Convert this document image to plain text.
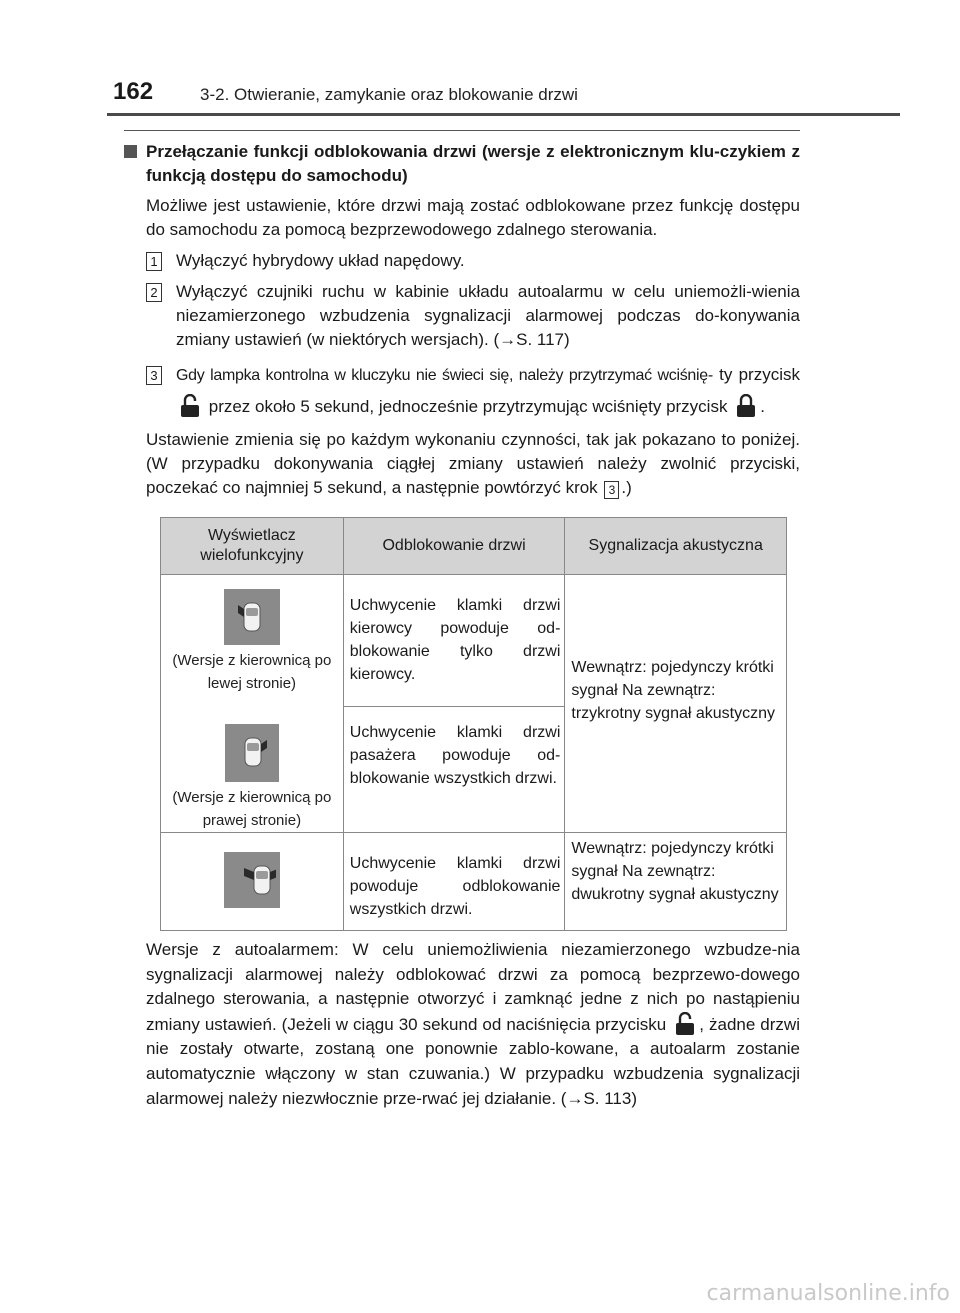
162	3-2. Otwieranie, zamykanie oraz blokowanie drzwi
Przełączanie funkcji odblokowania drzwi (wersje z elektronicznym klu-czykiem z funkcją dostępu do samochodu)

Możliwe jest ustawienie, które drzwi mają zostać odblokowane przez funkcję dostępu do samochodu za pomocą bezprzewodowego zdalnego sterowania.

1 Wyłączyć hybrydowy układ napędowy.
2 Wyłączyć czujniki ruchu w kabinie układu autoalarmu w celu uniemożli-wienia niezamierzonego wzbudzenia sygnalizacji alarmowej podczas do-konywania zmiany ustawień (w niektórych wersjach). (→S. 117)
3 Gdy lampka kontrolna w kluczyku nie świeci się, należy przytrzymać wciśnię- ty przycisk  przez około 5 sekund, jednocześnie przytrzymując wciśnięty przycisk .

Ustawienie zmienia się po każdym wykonaniu czynności, tak jak pokazano to poniżej. (W przypadku dokonywania ciągłej zmiany ustawień należy zwolnić przyciski, poczekać co najmniej 5 sekund, a następnie powtórzyć krok 3 .)

Wyświetlacz wielofunkcyjny	Odblokowanie drzwi	Sygnalizacja akustyczna

(Wersje z kierownicą po lewej stronie)
(Wersje z kierownicą po prawej stronie)	Uchwycenie klamki drzwi kierowcy powoduje od-blokowanie tylko drzwi kierowcy.	Wewnątrz: pojedynczy krótki sygnał Na zewnątrz: trzykrotny sygnał akustyczny
	Uchwycenie klamki drzwi pasażera powoduje od-blokowanie wszystkich drzwi.	

	Uchwycenie klamki drzwi powoduje odblokowanie wszystkich drzwi.	Wewnątrz: pojedynczy krótki sygnał Na zewnątrz: dwukrotny sygnał akustyczny
Wersje z autoalarmem: W celu uniemożliwienia niezamierzonego wzbudze-nia sygnalizacji alarmowej należy odblokować drzwi za pomocą bezprzewo-dowego zdalnego sterowania, a następnie otworzyć i zamknąć jedne z nich po nastąpieniu zmiany ustawień. (Jeżeli w ciągu 30 sekund od naciśnięcia przycisku , żadne drzwi nie zostały otwarte, zostaną one ponownie zablo-kowane, a autoalarm zostanie automatycznie włączony w stan czuwania.) W przypadku wzbudzenia sygnalizacji alarmowej należy niezwłocznie prze-rwać jej działanie. (→S. 113)
carmanualsonline.info
